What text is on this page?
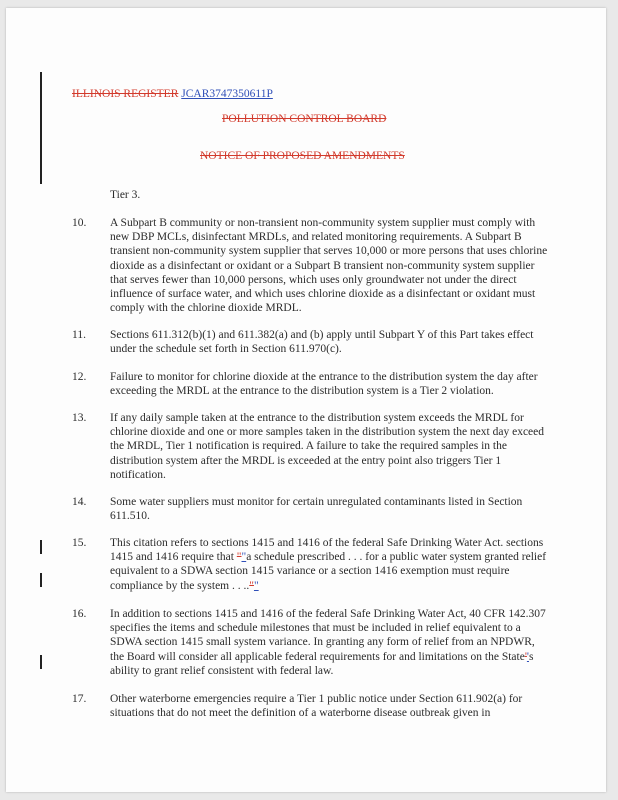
ILLINOIS REGISTER JCAR3747350611P
POLLUTION CONTROL BOARD
NOTICE OF PROPOSED AMENDMENTS
Tier 3.
10. A Subpart B community or non-transient non-community system supplier must comply with new DBP MCLs, disinfectant MRDLs, and related monitoring requirements. A Subpart B transient non-community system supplier that serves 10,000 or more persons that uses chlorine dioxide as a disinfectant or oxidant or a Subpart B transient non-community system supplier that serves fewer than 10,000 persons, which uses only groundwater not under the direct influence of surface water, and which uses chlorine dioxide as a disinfectant or oxidant must comply with the chlorine dioxide MRDL.
11. Sections 611.312(b)(1) and 611.382(a) and (b) apply until Subpart Y of this Part takes effect under the schedule set forth in Section 611.970(c).
12. Failure to monitor for chlorine dioxide at the entrance to the distribution system the day after exceeding the MRDL at the entrance to the distribution system is a Tier 2 violation.
13. If any daily sample taken at the entrance to the distribution system exceeds the MRDL for chlorine dioxide and one or more samples taken in the distribution system the next day exceed the MRDL, Tier 1 notification is required. A failure to take the required samples in the distribution system after the MRDL is exceeded at the entry point also triggers Tier 1 notification.
14. Some water suppliers must monitor for certain unregulated contaminants listed in Section 611.510.
15. This citation refers to sections 1415 and 1416 of the federal Safe Drinking Water Act. sections 1415 and 1416 require that ""a schedule prescribed . . . for a public water system granted relief equivalent to a SDWA section 1415 variance or a section 1416 exemption must require compliance by the system . . ..""
16. In addition to sections 1415 and 1416 of the federal Safe Drinking Water Act, 40 CFR 142.307 specifies the items and schedule milestones that must be included in relief equivalent to a SDWA section 1415 small system variance. In granting any form of relief from an NPDWR, the Board will consider all applicable federal requirements for and limitations on the State''s ability to grant relief consistent with federal law.
17. Other waterborne emergencies require a Tier 1 public notice under Section 611.902(a) for situations that do not meet the definition of a waterborne disease outbreak given in
